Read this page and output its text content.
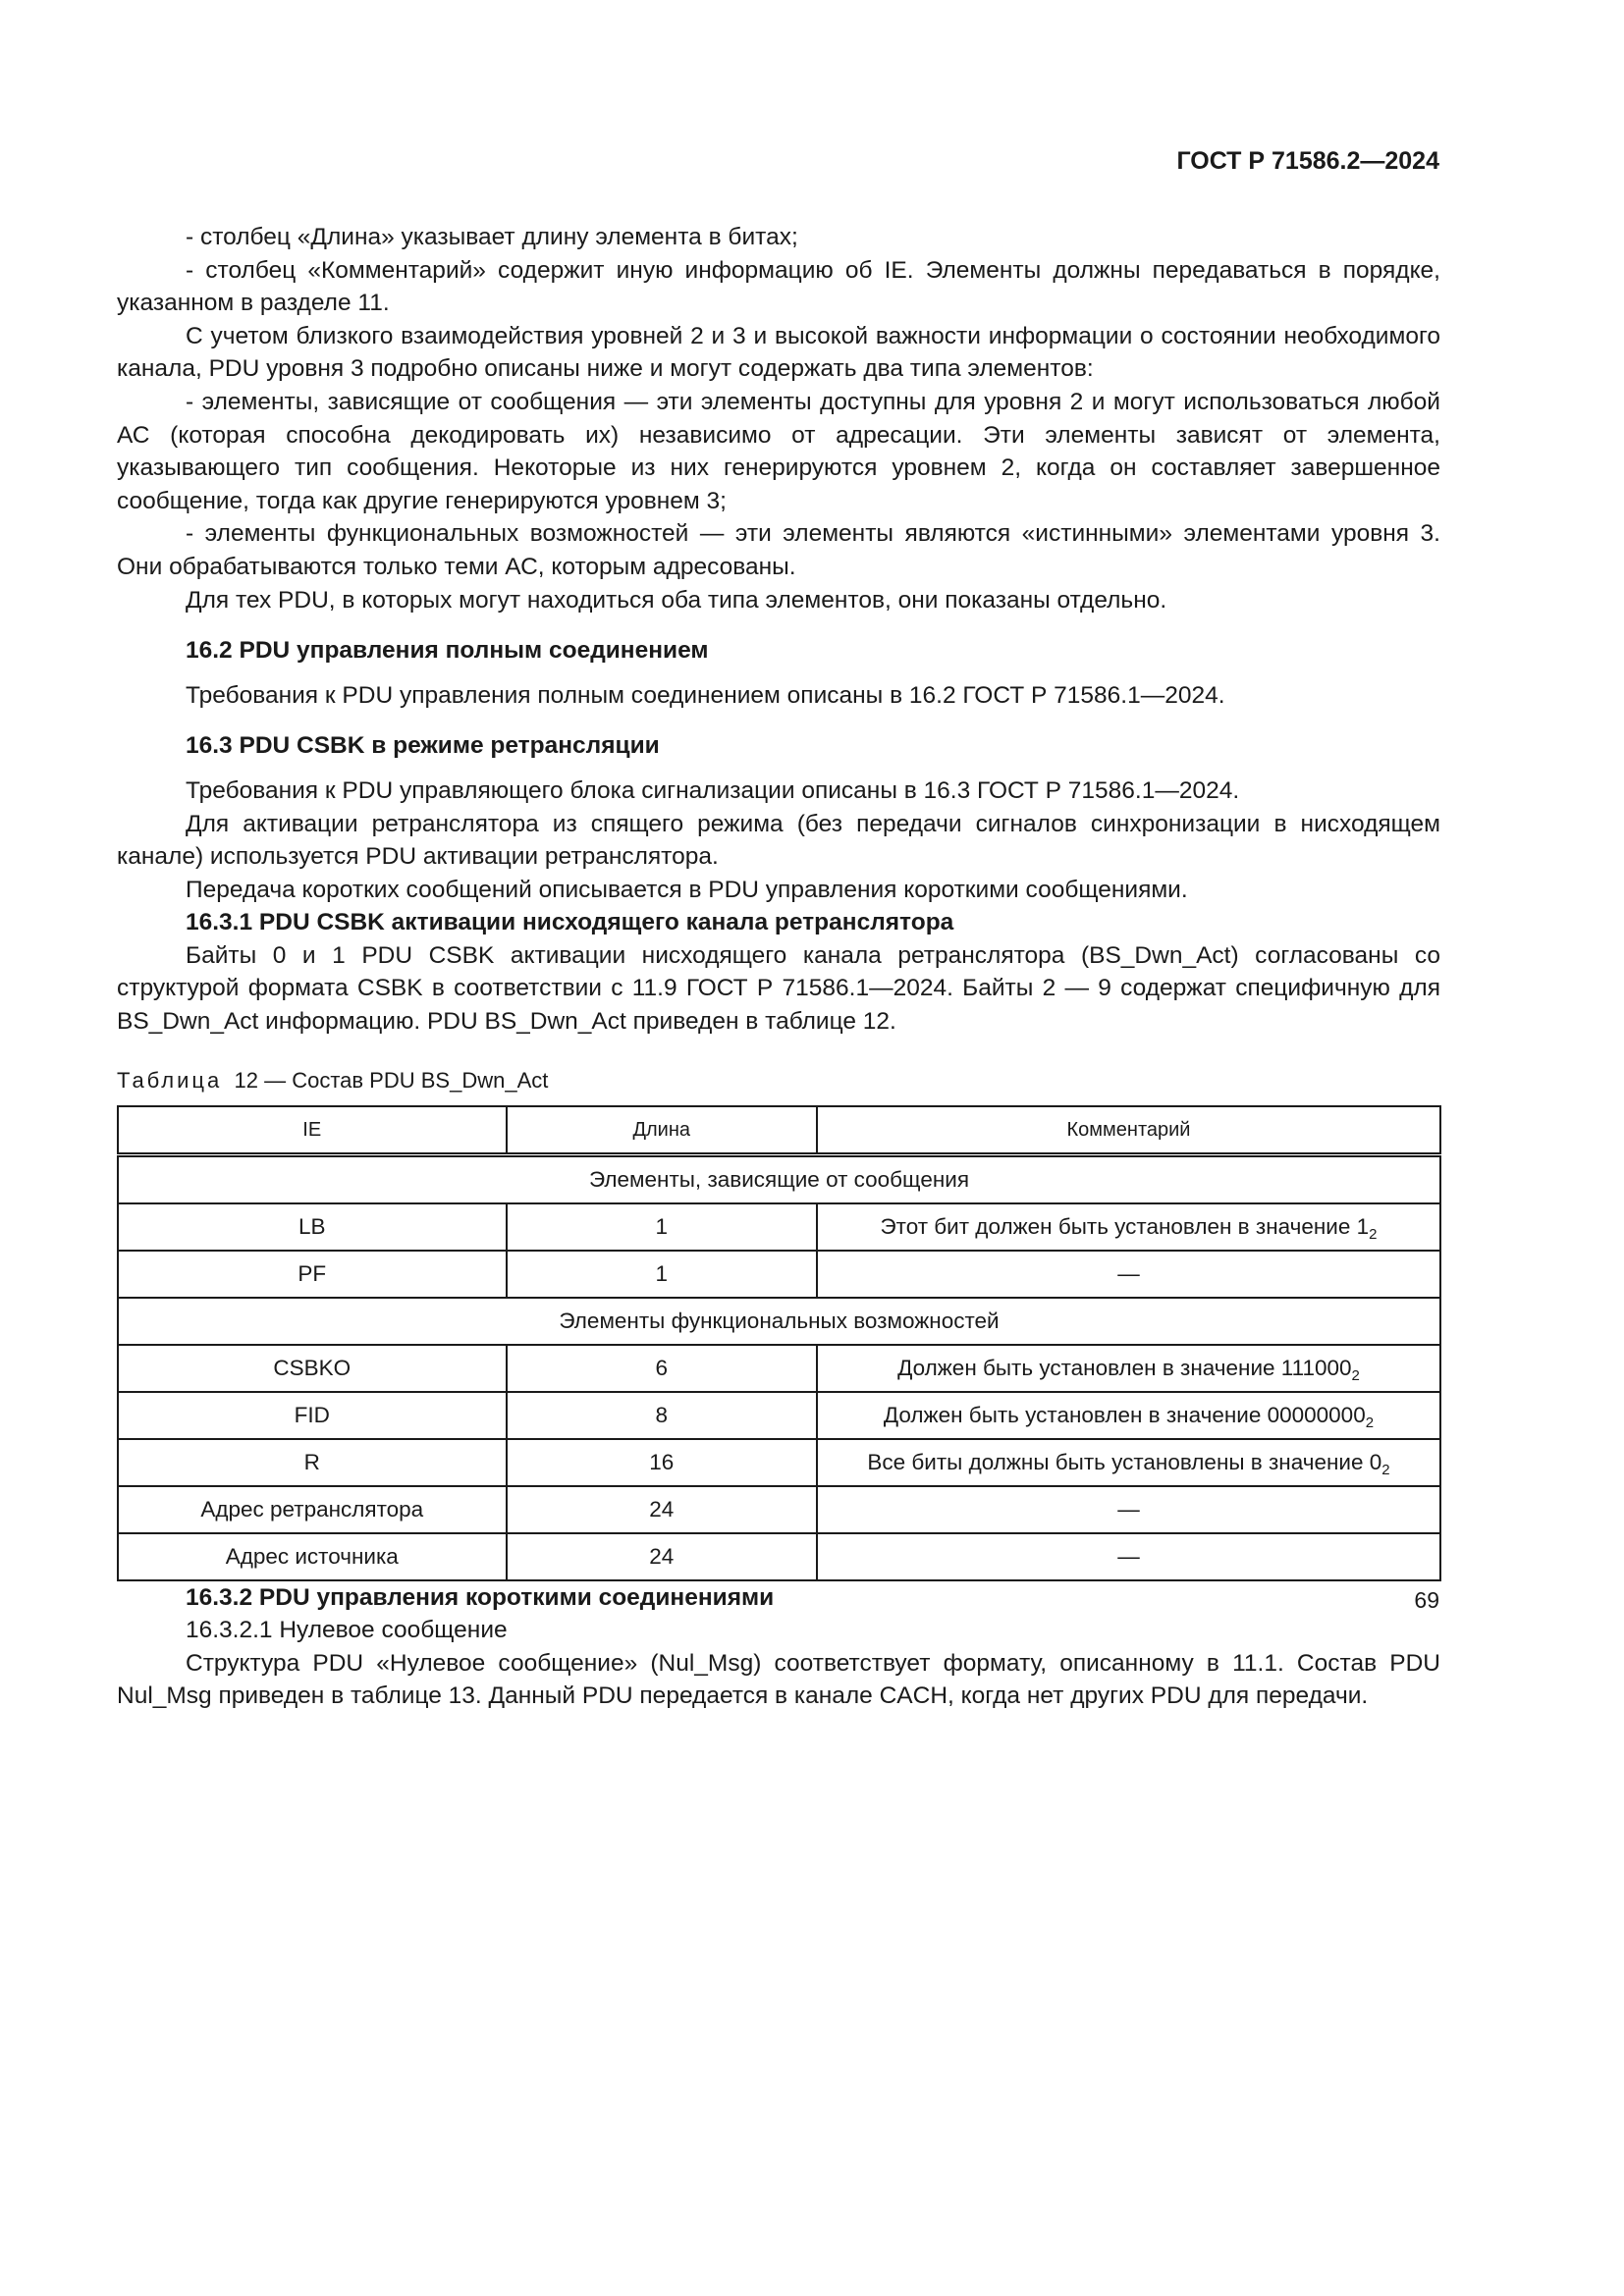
ГОСТ Р 71586.2—2024

- столбец «Длина» указывает длину элемента в битах;

- столбец «Комментарий» содержит иную информацию об IE. Элементы должны передаваться в порядке, указанном в разделе 11.

С учетом близкого взаимодействия уровней 2 и 3 и высокой важности информации о состоянии необходимого канала, PDU уровня 3 подробно описаны ниже и могут содержать два типа элементов:

- элементы, зависящие от сообщения — эти элементы доступны для уровня 2 и могут использоваться любой АС (которая способна декодировать их) независимо от адресации. Эти элементы зависят от элемента, указывающего тип сообщения. Некоторые из них генерируются уровнем 2, когда он составляет завершенное сообщение, тогда как другие генерируются уровнем 3;

- элементы функциональных возможностей — эти элементы являются «истинными» элементами уровня 3. Они обрабатываются только теми АС, которым адресованы.

Для тех PDU, в которых могут находиться оба типа элементов, они показаны отдельно.

16.2 PDU управления полным соединением

Требования к PDU управления полным соединением описаны в 16.2 ГОСТ Р 71586.1—2024.

16.3 PDU CSBK в режиме ретрансляции

Требования к PDU управляющего блока сигнализации описаны в 16.3 ГОСТ Р 71586.1—2024.

Для активации ретранслятора из спящего режима (без передачи сигналов синхронизации в нисходящем канале) используется PDU активации ретранслятора.

Передача коротких сообщений описывается в PDU управления короткими сообщениями.

16.3.1 PDU CSBK активации нисходящего канала ретранслятора

Байты 0 и 1 PDU CSBK активации нисходящего канала ретранслятора (BS_Dwn_Act) согласованы со структурой формата CSBK в соответствии с 11.9 ГОСТ Р 71586.1—2024. Байты 2 — 9 содержат специфичную для BS_Dwn_Act информацию. PDU BS_Dwn_Act приведен в таблице 12.

Таблица 12 — Состав PDU BS_Dwn_Act
IE	Длина	Комментарий
Элементы, зависящие от сообщения		
LB	1	Этот бит должен быть установлен в значение $1_2$
PF	1	—
Элементы функциональных возможностей		
CSBKO	6	Должен быть установлен в значение $111000_2$
FID	8	Должен быть установлен в значение $00000000_2$
R	16	Все биты должны быть установлены в значение $0_2$
Адрес ретранслятора	24	—
Адрес источника	24	—
16.3.2 PDU управления короткими соединениями

16.3.2.1 Нулевое сообщение

Структура PDU «Нулевое сообщение» (Nul_Msg) соответствует формату, описанному в 11.1. Состав PDU Nul_Msg приведен в таблице 13. Данный PDU передается в канале CACH, когда нет других PDU для передачи.

69
